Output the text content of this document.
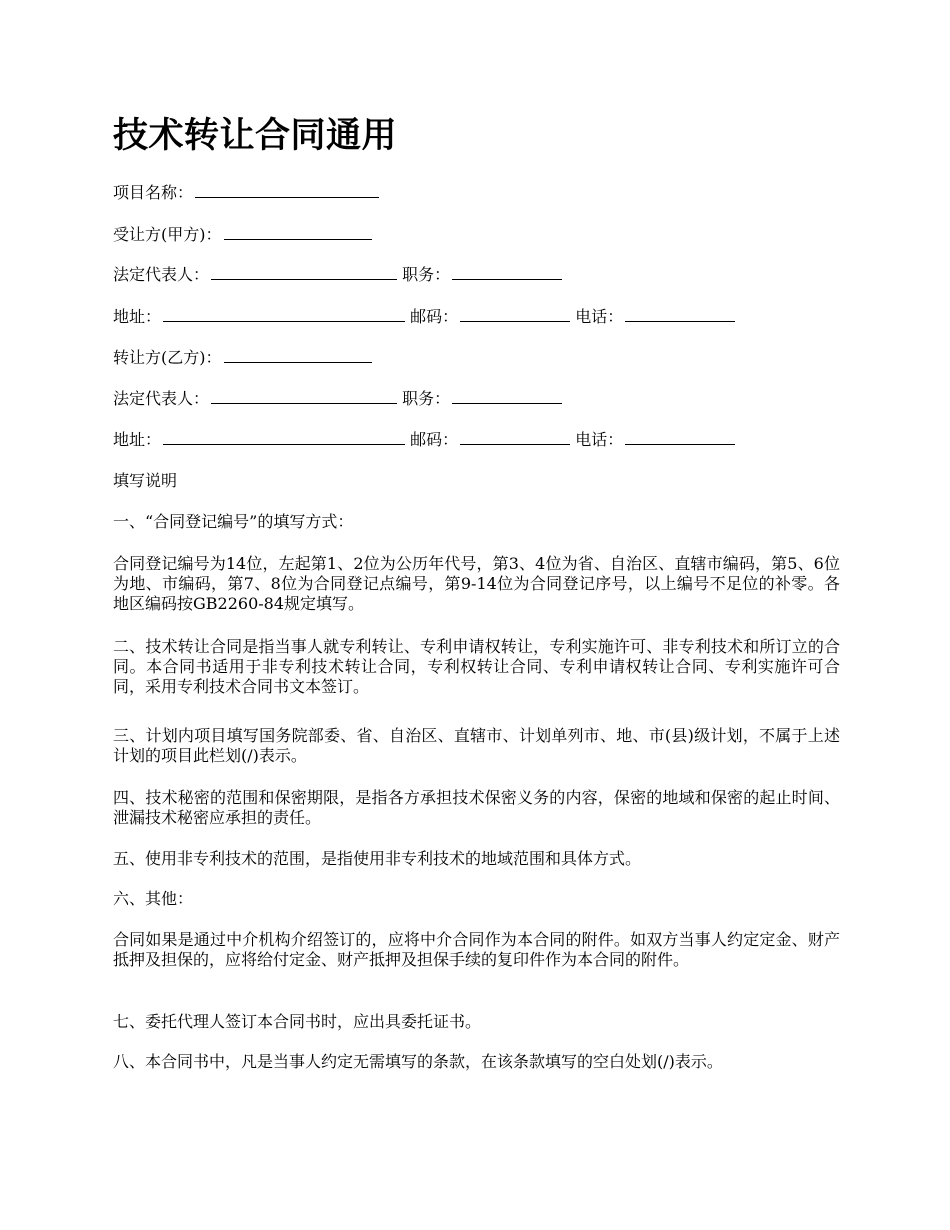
技术转让合同通用
项目名称：
受让方(甲方)：
法定代表人：	职务：
地址：	邮码：	电话：
转让方(乙方)：
法定代表人：	职务：
地址：	邮码：	电话：
填写说明

一、“合同登记编号”的填写方式：

合同登记编号为14位，左起第1、2位为公历年代号，第3、4位为省、自治区、直辖市编码，第5、6位为地、市编码，第7、8位为合同登记点编号，第9-14位为合同登记序号，以上编号不足位的补零。各地区编码按GB2260-84规定填写。

二、技术转让合同是指当事人就专利转让、专利申请权转让，专利实施许可、非专利技术和所订立的合同。本合同书适用于非专利技术转让合同，专利权转让合同、专利申请权转让合同、专利实施许可合同，采用专利技术合同书文本签订。

三、计划内项目填写国务院部委、省、自治区、直辖市、计划单列市、地、市(县)级计划，不属于上述计划的项目此栏划(/)表示。

四、技术秘密的范围和保密期限，是指各方承担技术保密义务的内容，保密的地域和保密的起止时间、泄漏技术秘密应承担的责任。

五、使用非专利技术的范围，是指使用非专利技术的地域范围和具体方式。

六、其他：

合同如果是通过中介机构介绍签订的，应将中介合同作为本合同的附件。如双方当事人约定定金、财产抵押及担保的，应将给付定金、财产抵押及担保手续的复印件作为本合同的附件。

七、委托代理人签订本合同书时，应出具委托证书。

八、本合同书中，凡是当事人约定无需填写的条款，在该条款填写的空白处划(/)表示。
